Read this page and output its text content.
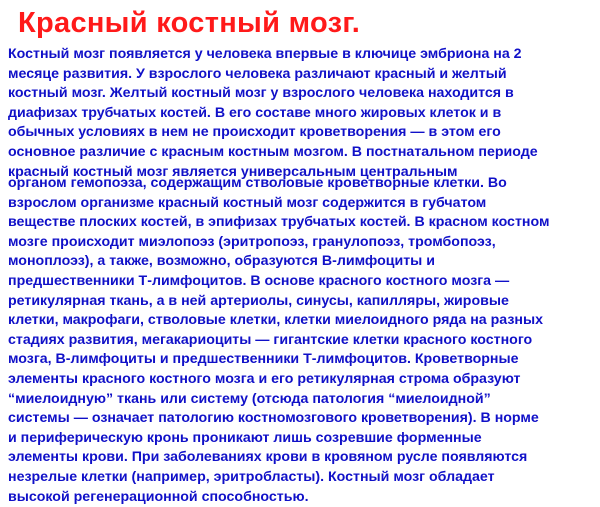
Красный костный мозг.
Костный мозг появляется у человека впервые в ключице эмбриона на 2
месяце развития. У взрослого человека различают красный и желтый
костный мозг. Желтый костный мозг у взрослого человека находится в
диафизах трубчатых костей. В его составе много жировых клеток и в
обычных условиях в нем не происходит кроветворения — в этом его
основное различие с красным костным мозгом. В постнатальном периоде
красный костный мозг является универсальным центральным
органом гемопоэза, содержащим стволовые кроветворные клетки. Во
взрослом организме красный костный мозг содержится в губчатом
веществе плоских костей, в эпифизах трубчатых костей. В красном костном
мозге происходит миэлопоэз (эритропоэз, гранулопоэз, тромбопоэз,
моноплоэз), а также, возможно, образуются В-лимфоциты и
предшественники Т-лимфоцитов. В основе красного костного мозга —
ретикулярная ткань, а в ней артериолы, синусы, капилляры, жировые
клетки, макрофаги, стволовые клетки, клетки миелоидного ряда на разных
стадиях развития, мегакариоциты — гигантские клетки красного костного
мозга, В-лимфоциты и предшественники Т-лимфоцитов. Кроветворные
элементы красного костного мозга и его ретикулярная строма образуют
“миелоидную” ткань или систему (отсюда патология “миелоидной”
системы — означает патологию костномозгового кроветворения). В норме
и периферическую кронь проникают лишь созревшие форменные
элементы крови. При заболеваниях крови в кровяном русле появляются
незрелые клетки (например, эритробласты). Костный мозг обладает
высокой регенерационной способностью.
